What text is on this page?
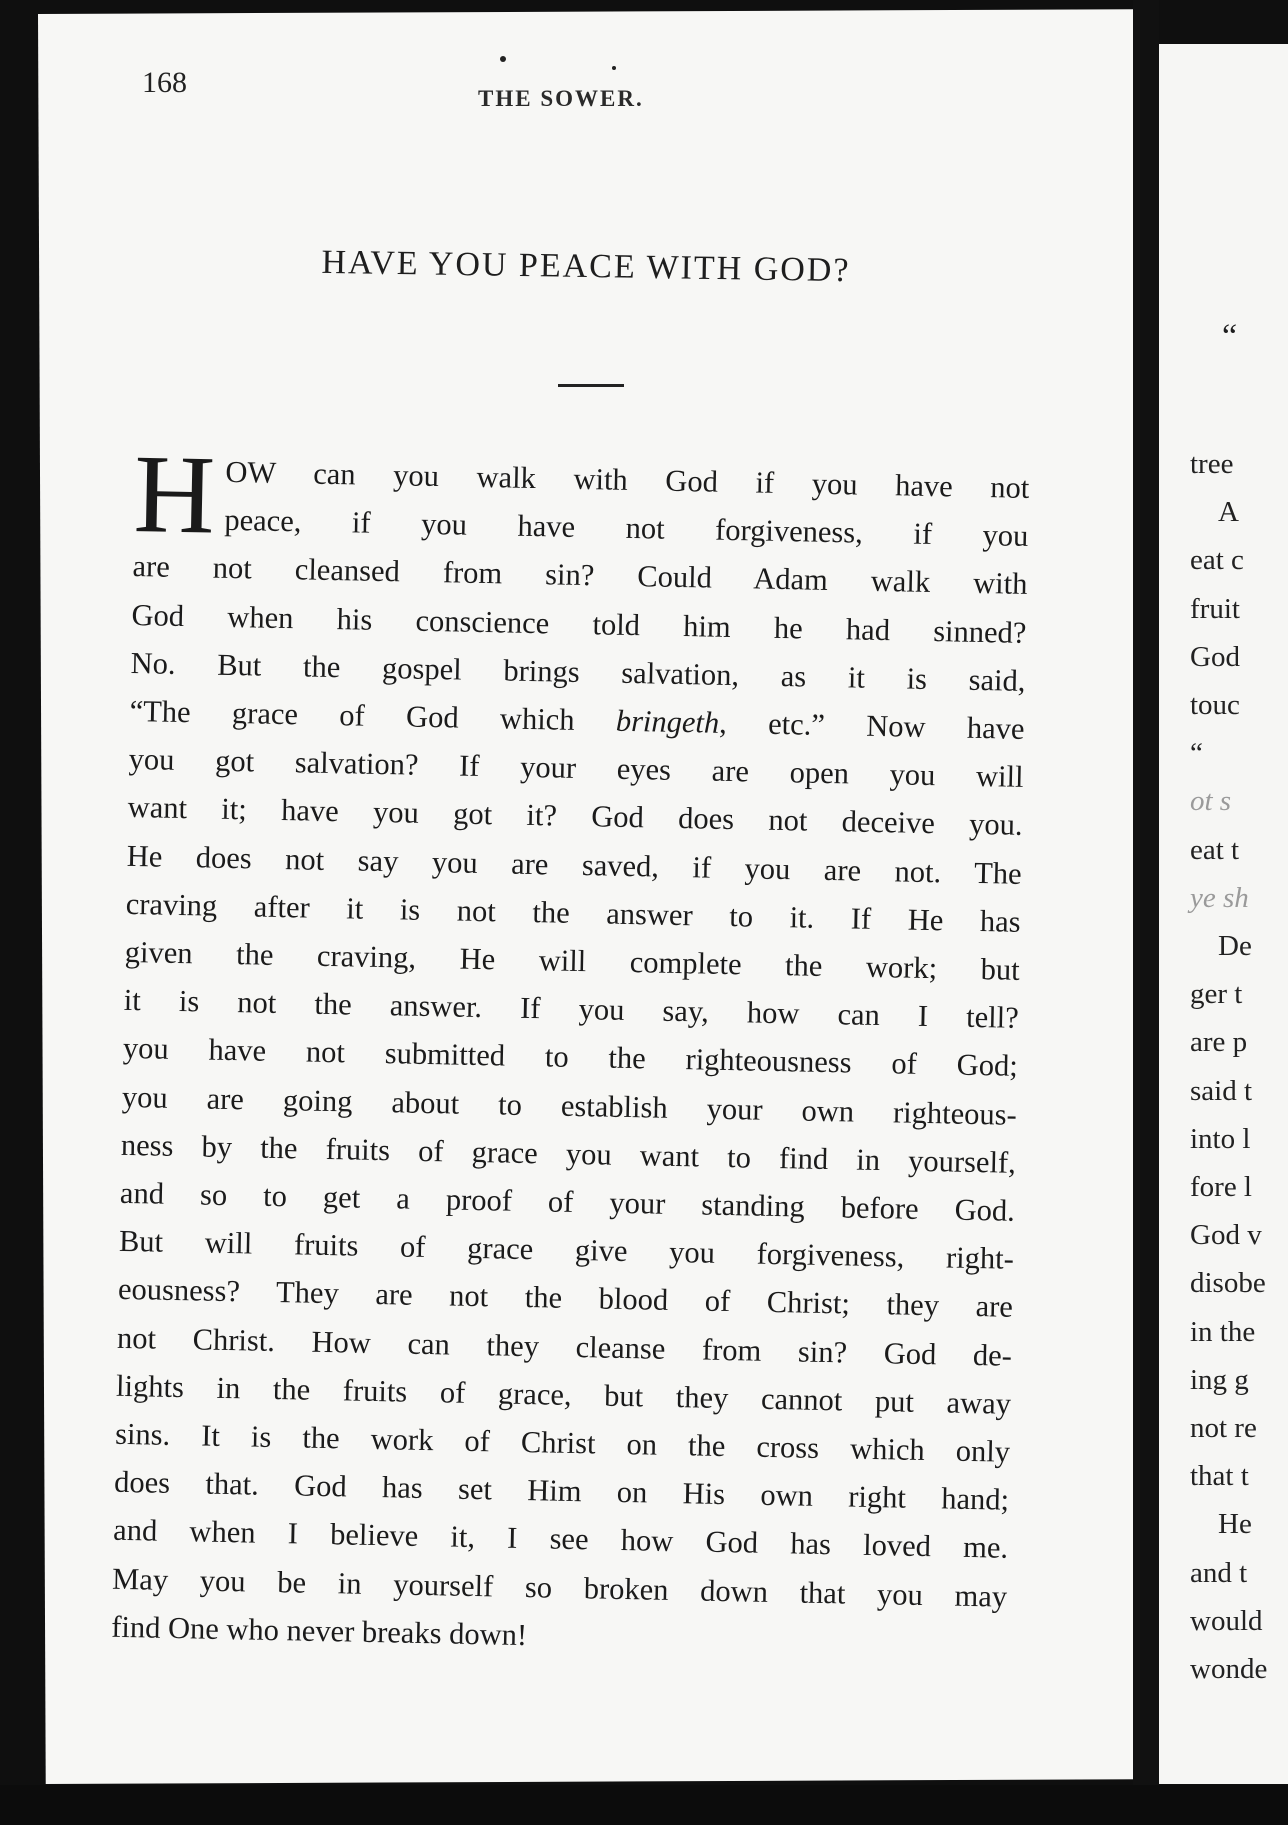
168	THE SOWER.
HAVE YOU PEACE WITH GOD?
H OW can you walk with God if you have not
peace, if you have not forgiveness, if you
are not cleansed from sin? Could Adam walk with
God when his conscience told him he had sinned?
No. But the gospel brings salvation, as it is said,
“The grace of God which bringeth, etc.” Now have
you got salvation? If your eyes are open you will
want it; have you got it? God does not deceive you.
He does not say you are saved, if you are not. The
craving after it is not the answer to it. If He has
given the craving, He will complete the work; but
it is not the answer. If you say, how can I tell?
you have not submitted to the righteousness of God;
you are going about to establish your own righteous-
ness by the fruits of grace you want to find in yourself,
and so to get a proof of your standing before God.
But will fruits of grace give you forgiveness, right-
eousness? They are not the blood of Christ; they are
not Christ. How can they cleanse from sin? God de-
lights in the fruits of grace, but they cannot put away
sins. It is the work of Christ on the cross which only
does that. God has set Him on His own right hand;
and when I believe it, I see how God has loved me.
May you be in yourself so broken down that you may
find One who never breaks down!
“
tree
A
eat c
fruit
God
touc
“
ot s
eat t
ye sh
De
ger t
are p
said t
into l
fore l
God v
disobe
in the
ing g
not re
that t
He
and t
would
wonde
